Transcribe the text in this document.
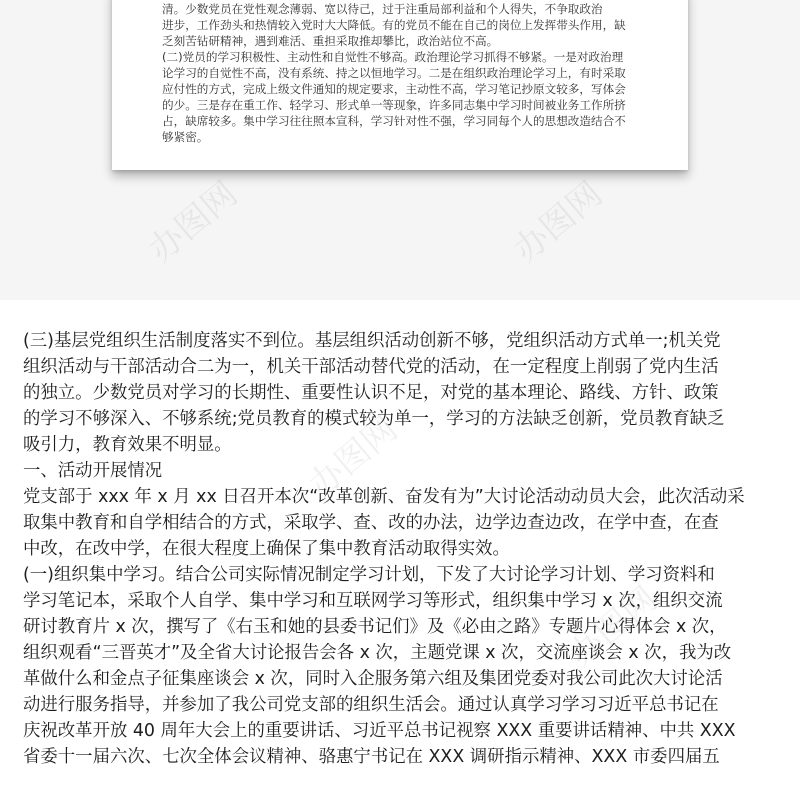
清。少数党员在党性观念薄弱、宽以待己，过于注重局部利益和个人得失，不争取政治

进步，工作劲头和热情较入党时大大降低。有的党员不能在自己的岗位上发挥带头作用，缺

乏刻苦钻研精神，遇到难活、重担采取推却攀比，政治站位不高。

(二)党员的学习积极性、主动性和自觉性不够高。政治理论学习抓得不够紧。一是对政治理

论学习的自觉性不高，没有系统、持之以恒地学习。二是在组织政治理论学习上，有时采取

应付性的方式，完成上级文件通知的规定要求，主动性不高，学习笔记抄原文较多，写体会

的少。三是存在重工作、轻学习、形式单一等现象，许多同志集中学习时间被业务工作所挤

占，缺席较多。集中学习往往照本宣科，学习针对性不强，学习同每个人的思想改造结合不

够紧密。

办图网
办图网

(三)基层党组织生活制度落实不到位。基层组织活动创新不够，党组织活动方式单一;机关党

组织活动与干部活动合二为一，机关干部活动替代党的活动，在一定程度上削弱了党内生活

的独立。少数党员对学习的长期性、重要性认识不足，对党的基本理论、路线、方针、政策

的学习不够深入、不够系统;党员教育的模式较为单一，学习的方法缺乏创新，党员教育缺乏

吸引力，教育效果不明显。

一、活动开展情况

党支部于 xxx 年 x 月 xx 日召开本次“改革创新、奋发有为”大讨论活动动员大会，此次活动采

取集中教育和自学相结合的方式，采取学、查、改的办法，边学边查边改，在学中查，在查

中改，在改中学，在很大程度上确保了集中教育活动取得实效。

(一)组织集中学习。结合公司实际情况制定学习计划，下发了大讨论学习计划、学习资料和

学习笔记本，采取个人自学、集中学习和互联网学习等形式，组织集中学习 x 次，组织交流

研讨教育片 x 次，撰写了《右玉和她的县委书记们》及《必由之路》专题片心得体会 x 次，

组织观看“三晋英才”及全省大讨论报告会各 x 次，主题党课 x 次，交流座谈会 x 次，我为改

革做什么和金点子征集座谈会 x 次，同时入企服务第六组及集团党委对我公司此次大讨论活

动进行服务指导，并参加了我公司党支部的组织生活会。通过认真学习学习习近平总书记在

庆祝改革开放 40 周年大会上的重要讲话、习近平总书记视察 XXX 重要讲话精神、中共 XXX

省委十一届六次、七次全体会议精神、骆惠宁书记在 XXX 调研指示精神、XXX 市委四届五
